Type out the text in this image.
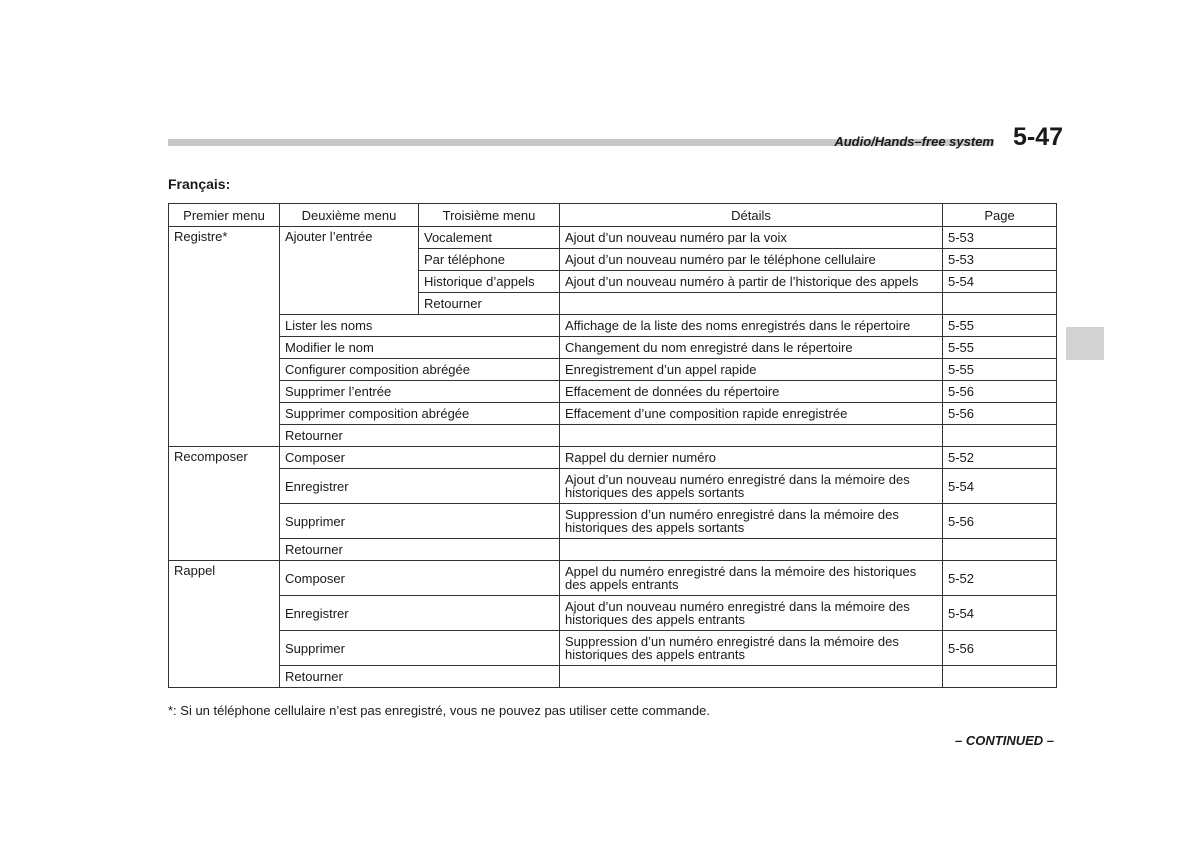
Audio/Hands–free system 5-47
Français:
Premier menu	Deuxième menu	Troisième menu	Détails	Page
Registre*	Ajouter l’entrée	Vocalement	Ajout d’un nouveau numéro par la voix	5-53
		Par téléphone	Ajout d’un nouveau numéro par le téléphone cellulaire	5-53
		Historique d’appels	Ajout d’un nouveau numéro à partir de l’historique des appels	5-54
		Retourner		
	Lister les noms		Affichage de la liste des noms enregistrés dans le répertoire	5-55
	Modifier le nom		Changement du nom enregistré dans le répertoire	5-55
	Configurer composition abrégée		Enregistrement d’un appel rapide	5-55
	Supprimer l’entrée		Effacement de données du répertoire	5-56
	Supprimer composition abrégée		Effacement d’une composition rapide enregistrée	5-56
	Retourner			
Recomposer	Composer		Rappel du dernier numéro	5-52
	Enregistrer		Ajout d’un nouveau numéro enregistré dans la mémoire des historiques des appels sortants	5-54
	Supprimer		Suppression d’un numéro enregistré dans la mémoire des historiques des appels sortants	5-56
	Retourner			
Rappel	Composer		Appel du numéro enregistré dans la mémoire des historiques des appels entrants	5-52
	Enregistrer		Ajout d’un nouveau numéro enregistré dans la mémoire des historiques des appels entrants	5-54
	Supprimer		Suppression d’un numéro enregistré dans la mémoire des historiques des appels entrants	5-56
	Retourner			
*: Si un téléphone cellulaire n’est pas enregistré, vous ne pouvez pas utiliser cette commande.
– CONTINUED –
